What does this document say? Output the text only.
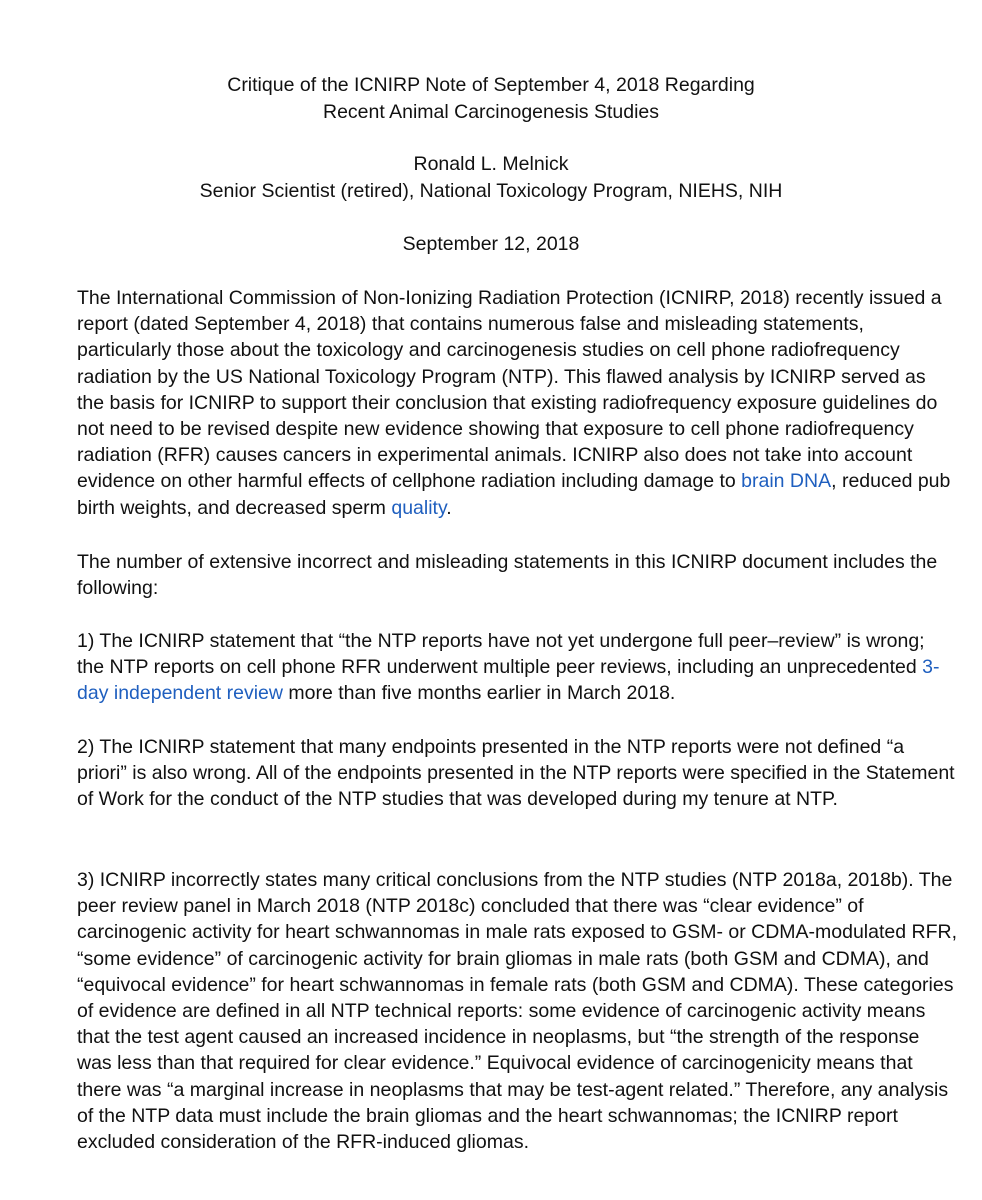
Critique of the ICNIRP Note of September 4, 2018 Regarding
Recent Animal Carcinogenesis Studies
Ronald L. Melnick
Senior Scientist (retired), National Toxicology Program, NIEHS, NIH
September 12, 2018

The International Commission of Non-Ionizing Radiation Protection (ICNIRP, 2018) recently issued a report (dated September 4, 2018) that contains numerous false and misleading statements, particularly those about the toxicology and carcinogenesis studies on cell phone radiofrequency radiation by the US National Toxicology Program (NTP). This flawed analysis by ICNIRP served as the basis for ICNIRP to support their conclusion that existing radiofrequency exposure guidelines do not need to be revised despite new evidence showing that exposure to cell phone radiofrequency radiation (RFR) causes cancers in experimental animals. ICNIRP also does not take into account evidence on other harmful effects of cellphone radiation including damage to brain DNA, reduced pub birth weights, and decreased sperm quality.

The number of extensive incorrect and misleading statements in this ICNIRP document includes the following:

1) The ICNIRP statement that “the NTP reports have not yet undergone full peer–review” is wrong; the NTP reports on cell phone RFR underwent multiple peer reviews, including an unprecedented 3-day independent review more than five months earlier in March 2018.

2) The ICNIRP statement that many endpoints presented in the NTP reports were not defined “a priori” is also wrong. All of the endpoints presented in the NTP reports were specified in the Statement of Work for the conduct of the NTP studies that was developed during my tenure at NTP.

3) ICNIRP incorrectly states many critical conclusions from the NTP studies (NTP 2018a, 2018b). The peer review panel in March 2018 (NTP 2018c) concluded that there was “clear evidence” of carcinogenic activity for heart schwannomas in male rats exposed to GSM- or CDMA-modulated RFR, “some evidence” of carcinogenic activity for brain gliomas in male rats (both GSM and CDMA), and “equivocal evidence” for heart schwannomas in female rats (both GSM and CDMA). These categories of evidence are defined in all NTP technical reports: some evidence of carcinogenic activity means that the test agent caused an increased incidence in neoplasms, but “the strength of the response was less than that required for clear evidence.” Equivocal evidence of carcinogenicity means that there was “a marginal increase in neoplasms that may be test-agent related.” Therefore, any analysis of the NTP data must include the brain gliomas and the heart schwannomas; the ICNIRP report excluded consideration of the RFR-induced gliomas.
